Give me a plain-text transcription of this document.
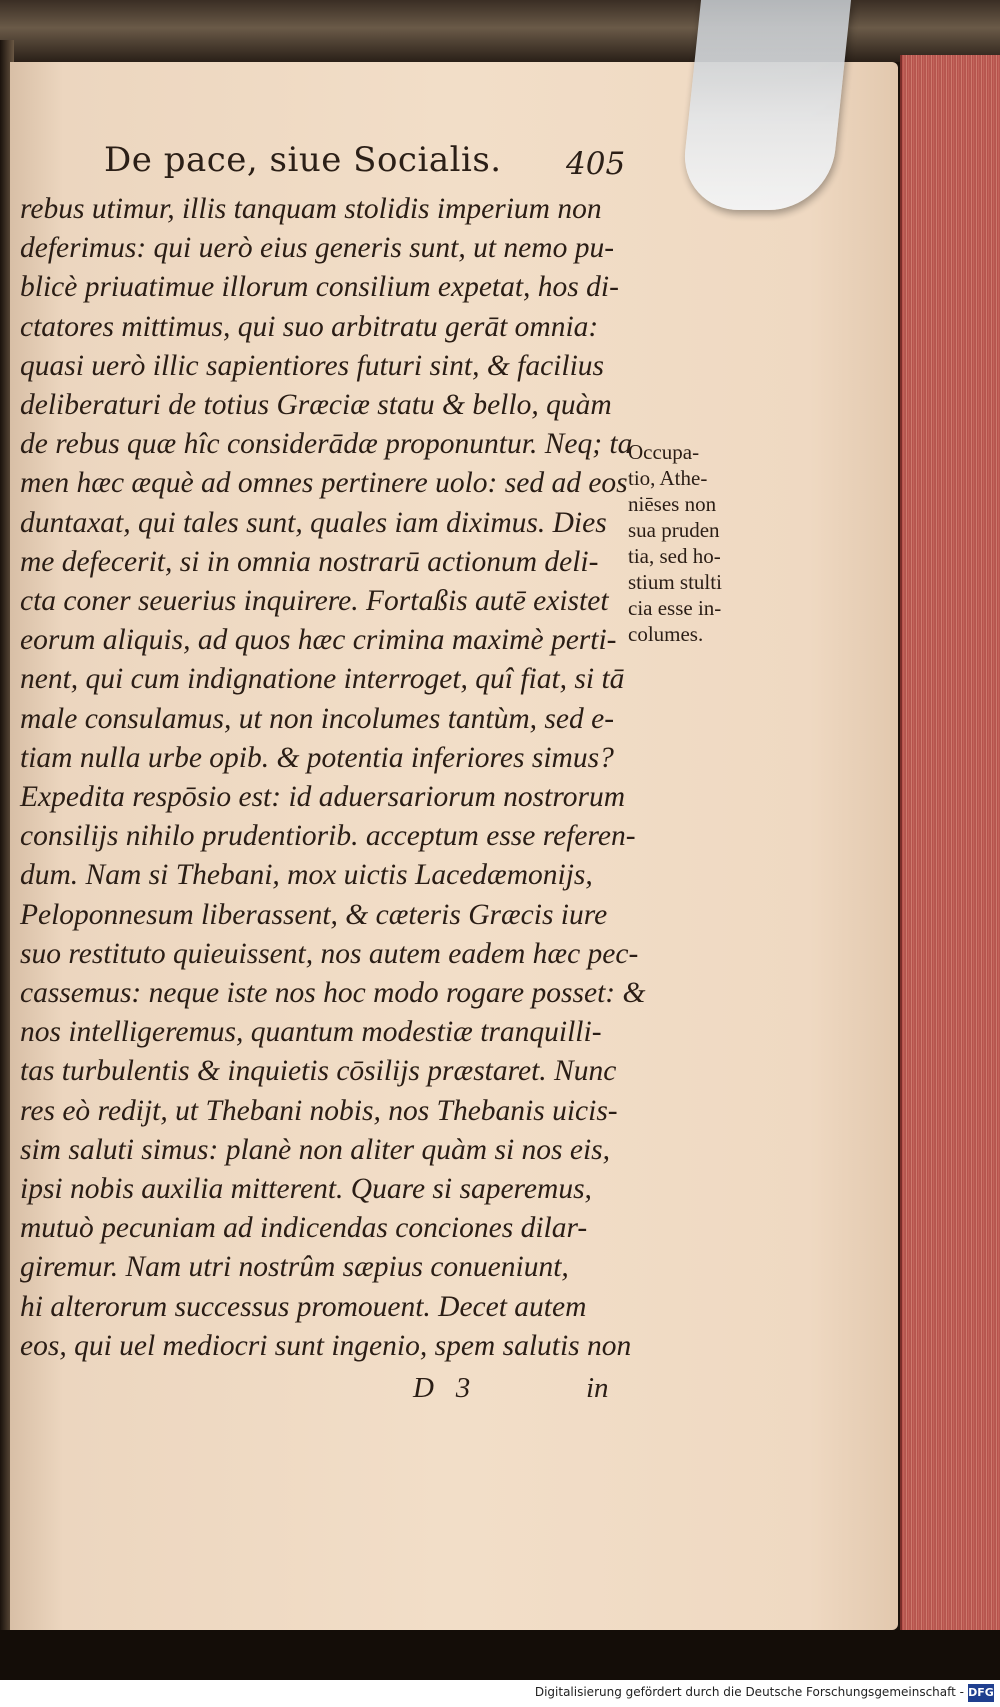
De pace, siue Socialis.	405
rebus utimur, illis tanquam stolidis imperium non
deferimus: qui uerò eius generis sunt, ut nemo pu-
blicè priuatimue illorum consilium expetat, hos di-
ctatores mittimus, qui suo arbitratu gerāt omnia:
quasi uerò illic sapientiores futuri sint, & facilius
deliberaturi de totius Græciæ statu & bello, quàm
de rebus quæ hîc considerādæ proponuntur. Neq; ta
men hæc æquè ad omnes pertinere uolo: sed ad eos
duntaxat, qui tales sunt, quales iam diximus. Dies
me defecerit, si in omnia nostrarū actionum deli-
cta coner seuerius inquirere. Fortaßis autē existet
eorum aliquis, ad quos hæc crimina maximè perti-
nent, qui cum indignatione interroget, quî fiat, si tā
male consulamus, ut non incolumes tantùm, sed e-
tiam nulla urbe opib. & potentia inferiores simus?
Expedita respōsio est: id aduersariorum nostrorum
consilijs nihilo prudentiorib. acceptum esse referen-
dum. Nam si Thebani, mox uictis Lacedæmonijs,
Peloponnesum liberassent, & cæteris Græcis iure
suo restituto quieuissent, nos autem eadem hæc pec-
cassemus: neque iste nos hoc modo rogare posset: &
nos intelligeremus, quantum modestiæ tranquilli-
tas turbulentis & inquietis cōsilijs præstaret. Nunc
res eò redijt, ut Thebani nobis, nos Thebanis uicis-
sim saluti simus: planè non aliter quàm si nos eis,
ipsi nobis auxilia mitterent. Quare si saperemus,
mutuò pecuniam ad indicendas conciones dilar-
giremur. Nam utri nostrûm sæpius conueniunt,
hi alterorum successus promouent. Decet autem
eos, qui uel mediocri sunt ingenio, spem salutis non
Occupa-
tio, Athe-
niēses non
sua pruden
tia, sed ho-
stium stulti
cia esse in-
columes.
D   3	in
Digitalisierung gefördert durch die Deutsche Forschungsgemeinschaft - DFG
